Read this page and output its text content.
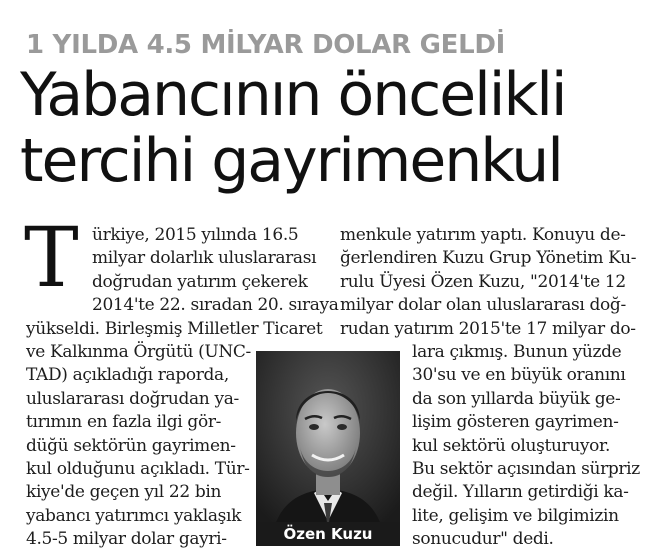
1 YILDA 4.5 MİLYAR DOLAR GELDİ
Yabancının öncelikli
tercihi gayrimenkul
T ürkiye, 2015 yılında 16.5
milyar dolarlık uluslararası
doğrudan yatırım çekerek
2014'te 22. sıradan 20. sıraya
yükseldi. Birleşmiş Milletler Ticaret
ve Kalkınma Örgütü (UNC-
TAD) açıkladığı raporda,
uluslararası doğrudan ya-
tırımın en fazla ilgi gör-
düğü sektörün gayrimen-
kul olduğunu açıkladı. Tür-
kiye'de geçen yıl 22 bin
yabancı yatırımcı yaklaşık
4.5-5 milyar dolar gayri-
menkule yatırım yaptı. Konuyu de-
ğerlendiren Kuzu Grup Yönetim Ku-
rulu Üyesi Özen Kuzu, "2014'te 12
milyar dolar olan uluslararası doğ-
rudan yatırım 2015'te 17 milyar do-
lara çıkmış. Bunun yüzde
30'su ve en büyük oranını
da son yıllarda büyük ge-
lişim gösteren gayrimen-
kul sektörü oluşturuyor.
Bu sektör açısından sürpriz
değil. Yılların getirdiği ka-
lite, gelişim ve bilgimizin
sonucudur" dedi.
Özen Kuzu
